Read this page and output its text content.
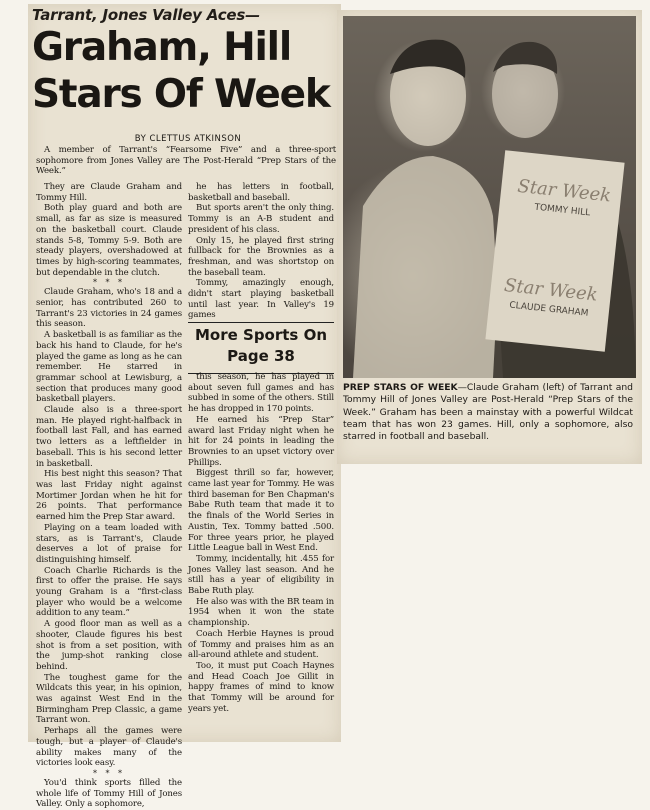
Tarrant, Jones Valley Aces—
Graham, Hill Stars Of Week
BY CLETTUS ATKINSON

A member of Tarrant's “Fearsome Five” and a three-sport sophomore from Jones Valley are The Post-Herald “Prep Stars of the Week.”

They are Claude Graham and Tommy Hill.

Both play guard and both are small, as far as size is measured on the basketball court. Claude stands 5-8, Tommy 5-9. Both are steady players, overshadowed at times by high-scoring teammates, but dependable in the clutch.

* * *

Claude Graham, who's 18 and a senior, has contributed 260 to Tarrant's 23 victories in 24 games this season.

A basketball is as familiar as the back his hand to Claude, for he's played the game as long as he can remember. He starred in grammar school at Lewisburg, a section that produces many good basketball players.

Claude also is a three-sport man. He played right-halfback in football last Fall, and has earned two letters as a leftfielder in baseball. This is his second letter in basketball.

His best night this season? That was last Friday night against Mortimer Jordan when he hit for 26 points. That performance earned him the Prep Star award.

Playing on a team loaded with stars, as is Tarrant's, Claude deserves a lot of praise for distinguishing himself.

Coach Charlie Richards is the first to offer the praise. He says young Graham is a “first-class player who would be a welcome addition to any team.”

A good floor man as well as a shooter, Claude figures his best shot is from a set position, with the jump-shot ranking close behind.

The toughest game for the Wildcats this year, in his opinion, was against West End in the Birmingham Prep Classic, a game Tarrant won.

Perhaps all the games were tough, but a player of Claude's ability makes many of the victories look easy.

* * *

You'd think sports filled the whole life of Tommy Hill of Jones Valley. Only a sophomore,

he has letters in football, basketball and baseball.

But sports aren't the only thing. Tommy is an A-B student and president of his class.

Only 15, he played first string fullback for the Brownies as a freshman, and was shortstop on the baseball team.

Tommy, amazingly enough, didn't start playing basketball until last year. In Valley's 19 games

More Sports On Page 38

this season, he has played in about seven full games and has subbed in some of the others. Still he has dropped in 170 points.

He earned his “Prep Star” award last Friday night when he hit for 24 points in leading the Brownies to an upset victory over Phillips.

Biggest thrill so far, however, came last year for Tommy. He was third baseman for Ben Chapman's Babe Ruth team that made it to the finals of the World Series in Austin, Tex. Tommy batted .500. For three years prior, he played Little League ball in West End.

Tommy, incidentally, hit .455 for Jones Valley last season. And he still has a year of eligibility in Babe Ruth play.

He also was with the BR team in 1954 when it won the state championship.

Coach Herbie Haynes is proud of Tommy and praises him as an all-around athlete and student.

Too, it must put Coach Haynes and Head Coach Joe Gillit in happy frames of mind to know that Tommy will be around for years yet.

Star Week
TOMMY HILL
Star Week
CLAUDE GRAHAM
PREP STARS OF WEEK—Claude Graham (left) of Tarrant and Tommy Hill of Jones Valley are Post-Herald “Prep Stars of the Week.” Graham has been a mainstay with a powerful Wildcat team that has won 23 games. Hill, only a sophomore, also starred in football and baseball.
